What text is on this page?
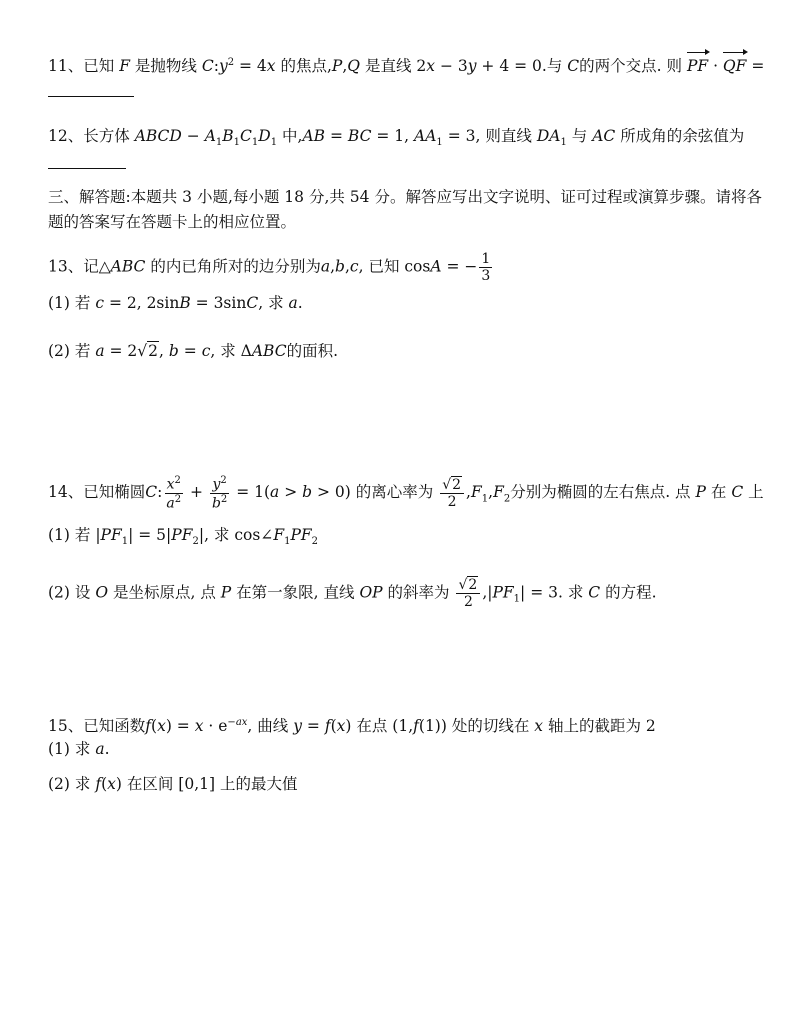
11、已知 F 是抛物线 $C:y^2 = 4x$ 的焦点,P,Q 是直线 2x − 3y + 4 = 0.与 C的两个交点. 则 PF · QF =
12、长方体 ABCD − $A_1B_1C_1D_1$ 中,AB = BC = 1, $AA_1 = 3$, 则直线 $DA_1$ 与 AC 所成角的余弦值为
三、解答题:本题共 3 小题,每小题 18 分,共 54 分。解答应写出文字说明、证可过程或演算步骤。请将各
题的答案写在答题卡上的相应位置。
13、记△ABC 的内已角所对的边分别为a,b,c, 已知 cosA = − $\frac{1}{3}$
(1) 若 c = 2, 2sinB = 3sinC, 求 a.
(2) 若 a = 2√2, b = c, 求 ΔABC的面积.
14、已知椭圆C: $\frac{x^2}{a^2} + \frac{y^2}{b^2} = 1(a > b > 0)$ 的离心率为 $\frac{√2}{2} ,F_1,F_2$分别为椭圆的左右焦点. 点 P 在 C 上
(1) 若 $|PF_1| = 5|PF_2|$, 求 $\cos\angle F_1PF_2$
(2) 设 O 是坐标原点, 点 P 在第一象限, 直线 OP 的斜率为 $\frac{√2}{2} ,|PF_1| = 3$. 求 C 的方程.
15、已知函数$f(x) = x \cdot e^{-ax}$, 曲线 y = f(x) 在点 (1,f(1)) 处的切线在 x 轴上的截距为 2
(1) 求 a.
(2) 求 f(x) 在区间 [0,1] 上的最大值
